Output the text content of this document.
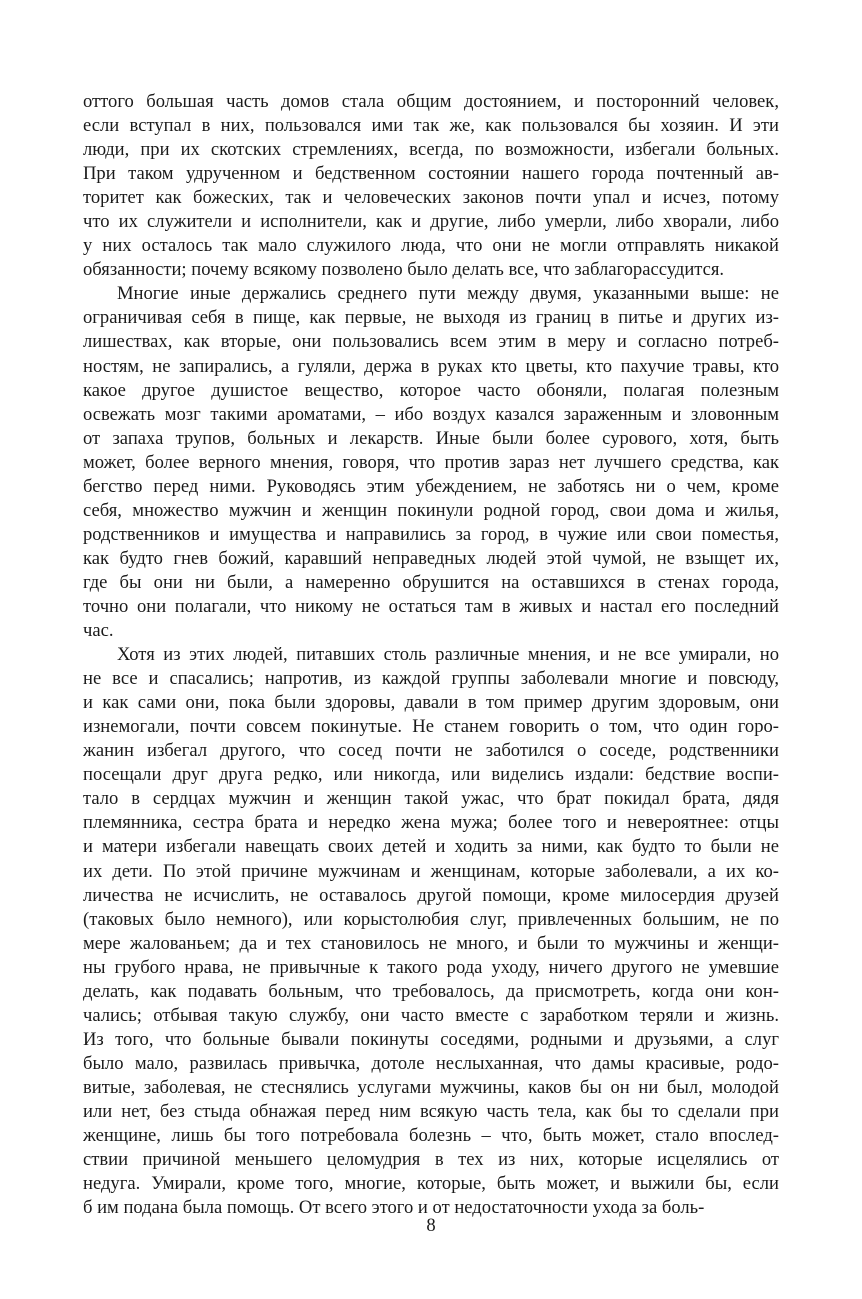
оттого большая часть домов стала общим достоянием, и посторонний человек,
если вступал в них, пользовался ими так же, как пользовался бы хозяин. И эти
люди, при их скотских стремлениях, всегда, по возможности, избегали больных.
При таком удрученном и бедственном состоянии нашего города почтенный ав-
торитет как божеских, так и человеческих законов почти упал и исчез, потому
что их служители и исполнители, как и другие, либо умерли, либо хворали, либо
у них осталось так мало служилого люда, что они не могли отправлять никакой
обязанности; почему всякому позволено было делать все, что заблагорассудится.
Многие иные держались среднего пути между двумя, указанными выше: не
ограничивая себя в пище, как первые, не выходя из границ в питье и других из-
лишествах, как вторые, они пользовались всем этим в меру и согласно потреб-
ностям, не запирались, а гуляли, держа в руках кто цветы, кто пахучие травы, кто
какое другое душистое вещество, которое часто обоняли, полагая полезным
освежать мозг такими ароматами, – ибо воздух казался зараженным и зловонным
от запаха трупов, больных и лекарств. Иные были более сурового, хотя, быть
может, более верного мнения, говоря, что против зараз нет лучшего средства, как
бегство перед ними. Руководясь этим убеждением, не заботясь ни о чем, кроме
себя, множество мужчин и женщин покинули родной город, свои дома и жилья,
родственников и имущества и направились за город, в чужие или свои поместья,
как будто гнев божий, каравший неправедных людей этой чумой, не взыщет их,
где бы они ни были, а намеренно обрушится на оставшихся в стенах города,
точно они полагали, что никому не остаться там в живых и настал его последний
час.
Хотя из этих людей, питавших столь различные мнения, и не все умирали, но
не все и спасались; напротив, из каждой группы заболевали многие и повсюду,
и как сами они, пока были здоровы, давали в том пример другим здоровым, они
изнемогали, почти совсем покинутые. Не станем говорить о том, что один горо-
жанин избегал другого, что сосед почти не заботился о соседе, родственники
посещали друг друга редко, или никогда, или виделись издали: бедствие воспи-
тало в сердцах мужчин и женщин такой ужас, что брат покидал брата, дядя
племянника, сестра брата и нередко жена мужа; более того и невероятнее: отцы
и матери избегали навещать своих детей и ходить за ними, как будто то были не
их дети. По этой причине мужчинам и женщинам, которые заболевали, а их ко-
личества не исчислить, не оставалось другой помощи, кроме милосердия друзей
(таковых было немного), или корыстолюбия слуг, привлеченных большим, не по
мере жалованьем; да и тех становилось не много, и были то мужчины и женщи-
ны грубого нрава, не привычные к такого рода уходу, ничего другого не умевшие
делать, как подавать больным, что требовалось, да присмотреть, когда они кон-
чались; отбывая такую службу, они часто вместе с заработком теряли и жизнь.
Из того, что больные бывали покинуты соседями, родными и друзьями, а слуг
было мало, развилась привычка, дотоле неслыханная, что дамы красивые, родо-
витые, заболевая, не стеснялись услугами мужчины, каков бы он ни был, молодой
или нет, без стыда обнажая перед ним всякую часть тела, как бы то сделали при
женщине, лишь бы того потребовала болезнь – что, быть может, стало впослед-
ствии причиной меньшего целомудрия в тех из них, которые исцелялись от
недуга. Умирали, кроме того, многие, которые, быть может, и выжили бы, если
б им подана была помощь. От всего этого и от недостаточности ухода за боль-
8
